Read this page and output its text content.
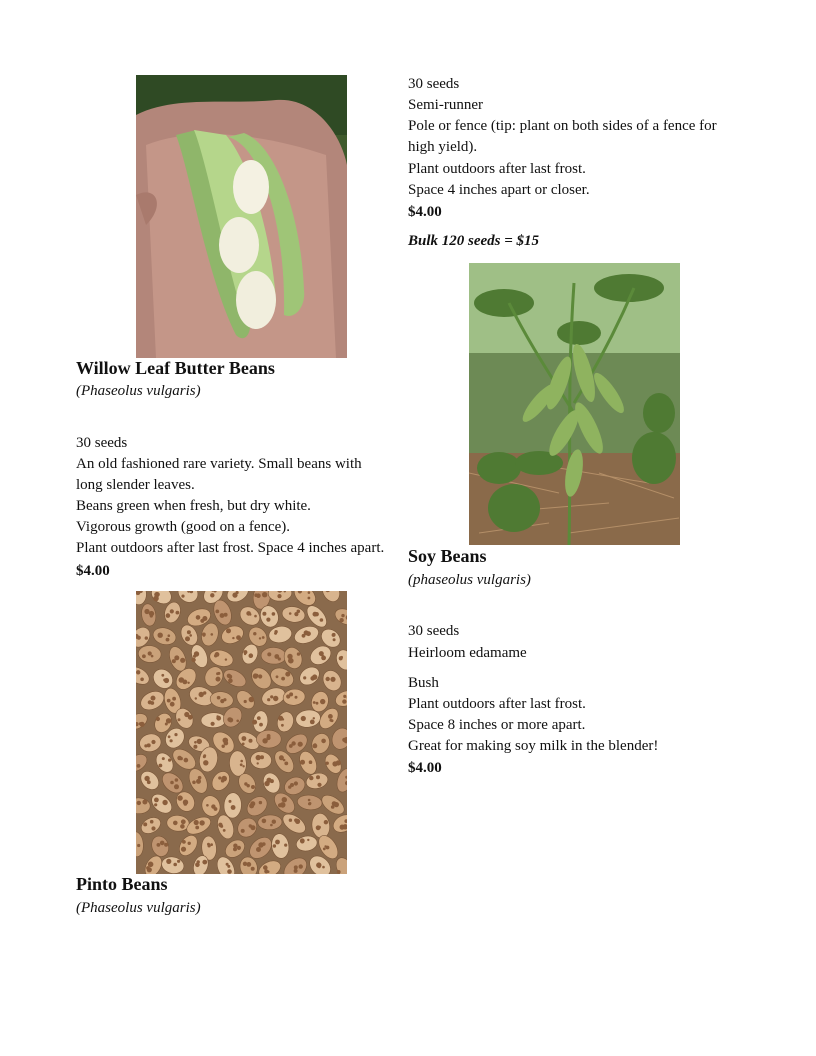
Willow Leaf Butter Beans
(Phaseolus vulgaris)
30 seeds
An old fashioned rare variety. Small beans with
long slender leaves.
Beans green when fresh, but dry white.
Vigorous growth (good on a fence).
Plant outdoors after last frost. Space 4 inches apart.
$4.00
Pinto Beans
(Phaseolus vulgaris)
30 seeds
Semi-runner
Pole or fence (tip: plant on both sides of a fence for
high yield).
Plant outdoors after last frost.
Space 4 inches apart or closer.
$4.00
Bulk 120 seeds = $15
Soy Beans
(phaseolus vulgaris)
30 seeds
Heirloom edamame
Bush
Plant outdoors after last frost.
Space 8 inches or more apart.
Great for making soy milk in the blender!
$4.00
